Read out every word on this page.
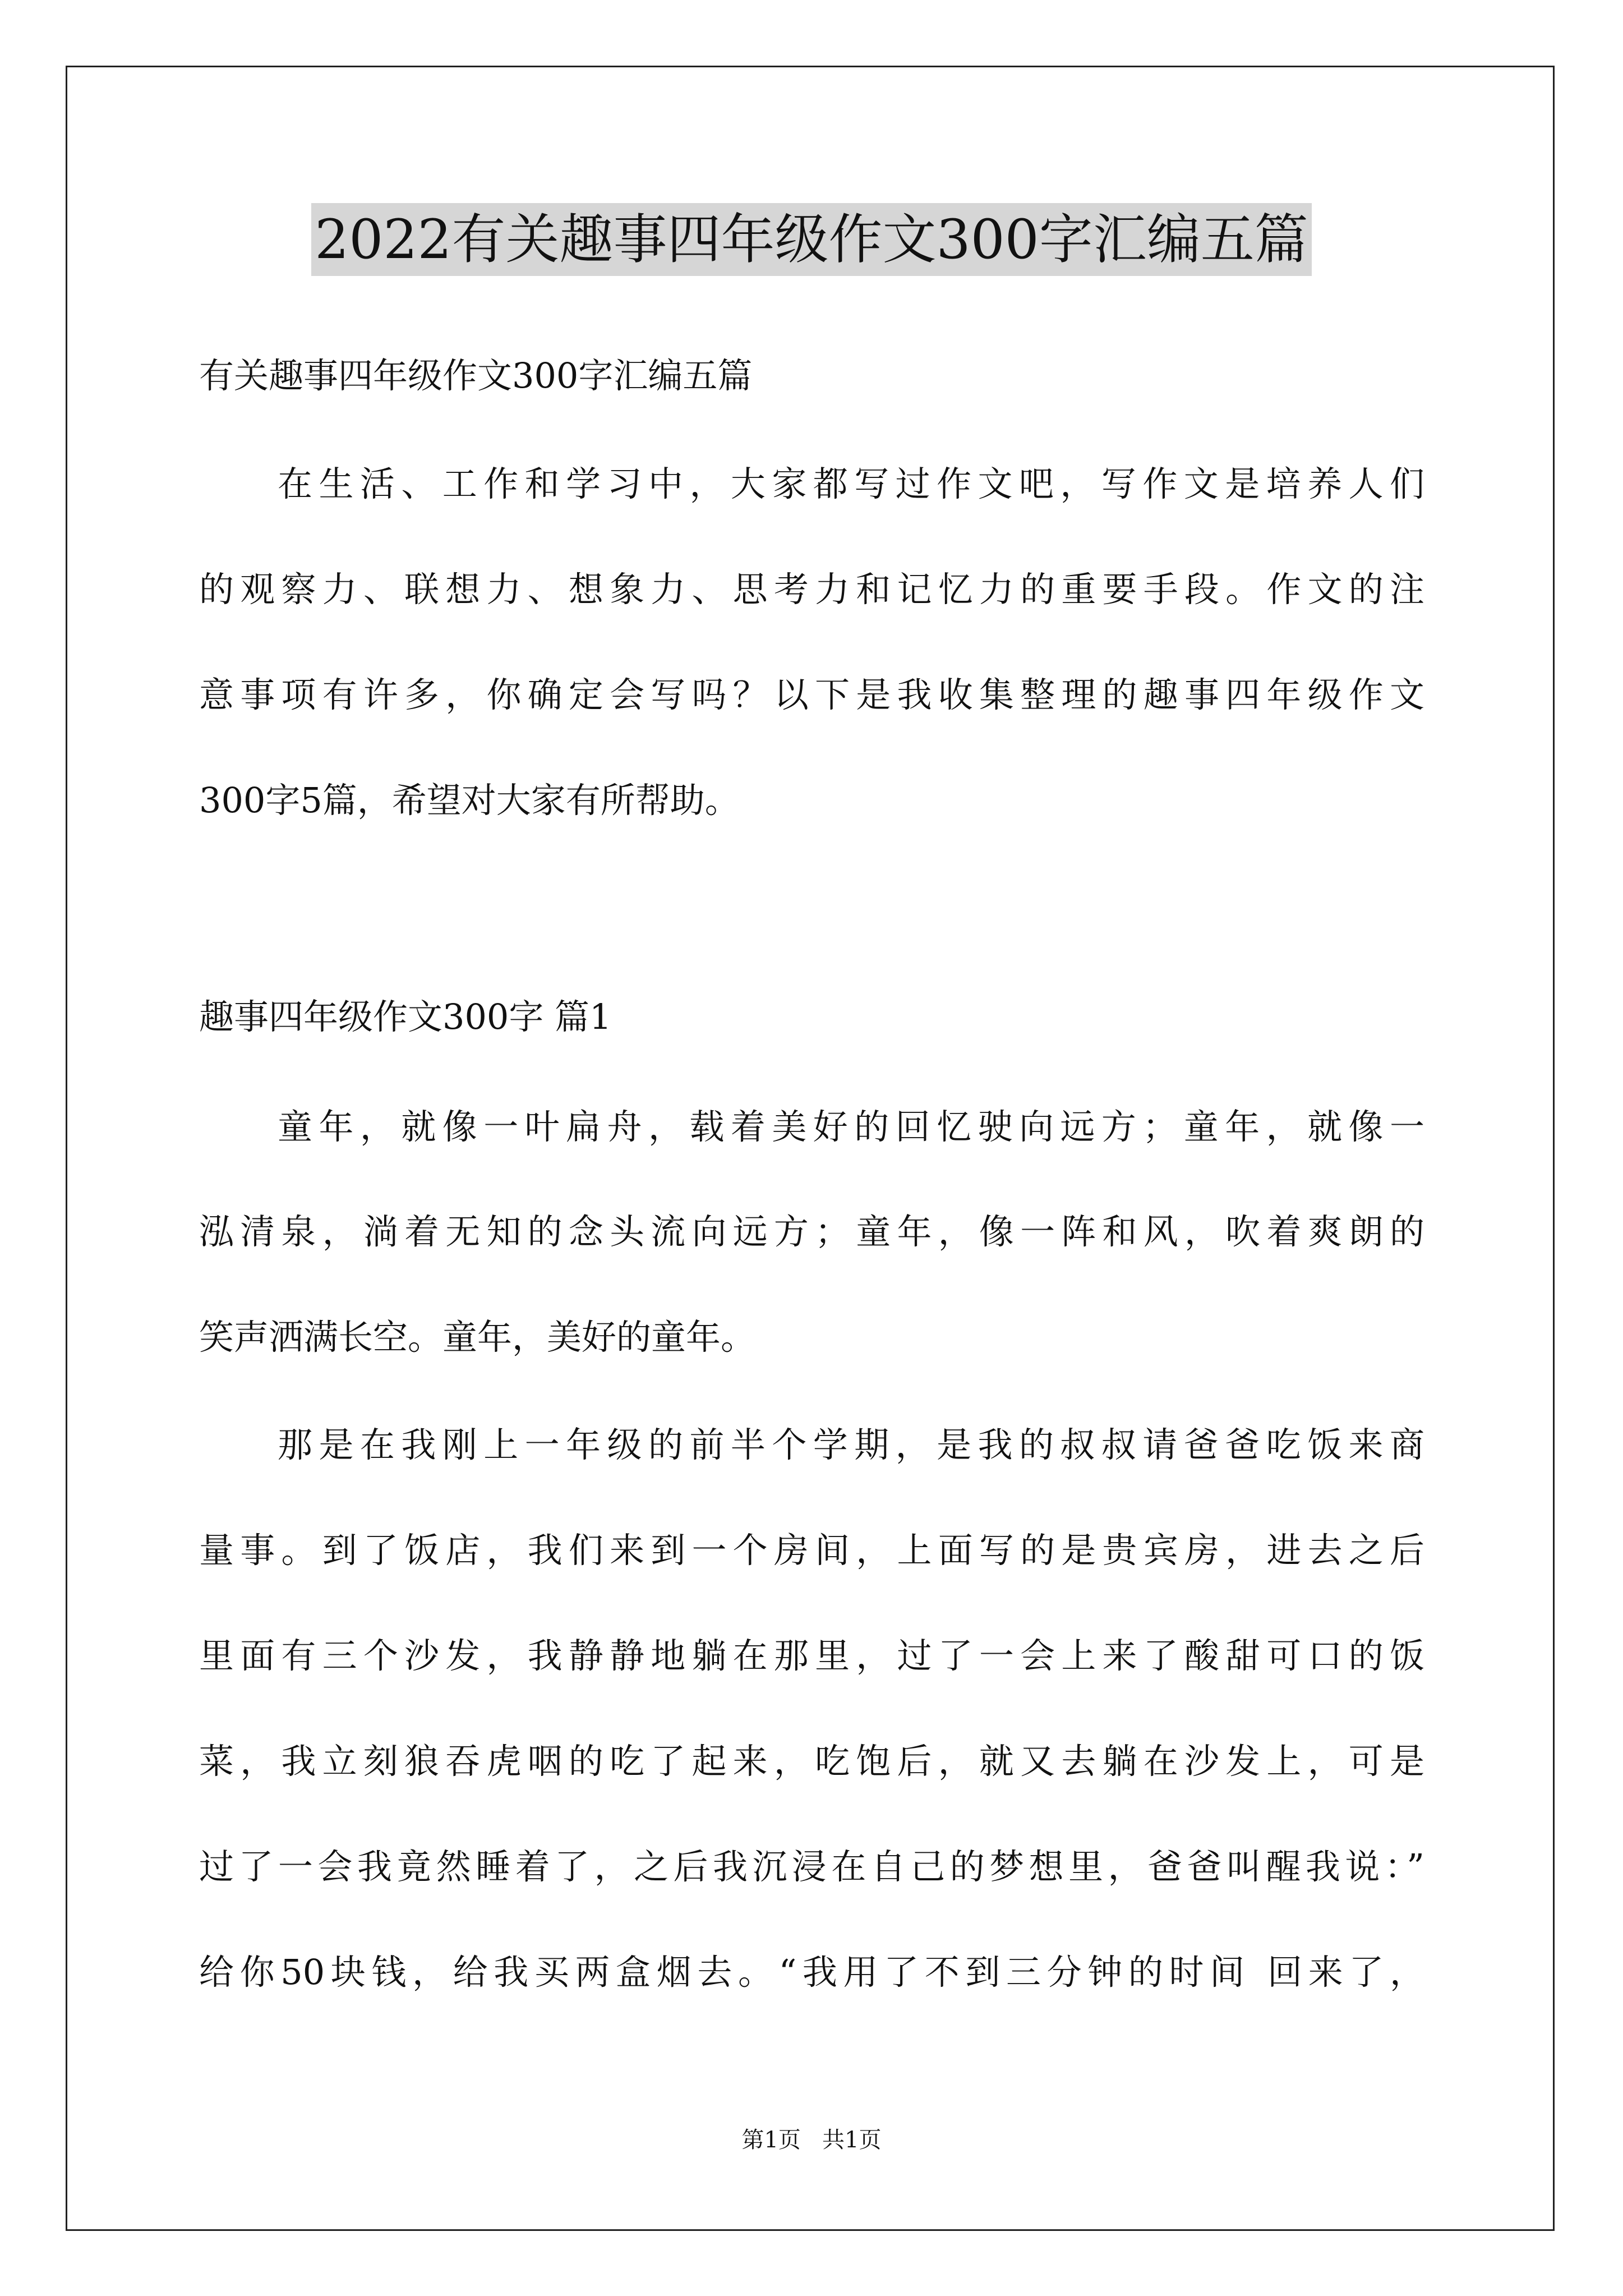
2022有关趣事四年级作文300字汇编五篇
有关趣事四年级作文300字汇编五篇
在生活、工作和学习中，大家都写过作文吧，写作文是培养人们
的观察力、联想力、想象力、思考力和记忆力的重要手段。作文的注
意事项有许多，你确定会写吗？以下是我收集整理的趣事四年级作文
300字5篇，希望对大家有所帮助。
趣事四年级作文300字 篇1
童年，就像一叶扁舟，载着美好的回忆驶向远方；童年，就像一
泓清泉，淌着无知的念头流向远方；童年，像一阵和风，吹着爽朗的
笑声洒满长空。童年，美好的童年。
那是在我刚上一年级的前半个学期，是我的叔叔请爸爸吃饭来商
量事。到了饭店，我们来到一个房间，上面写的是贵宾房，进去之后
里面有三个沙发，我静静地躺在那里，过了一会上来了酸甜可口的饭
菜，我立刻狼吞虎咽的吃了起来，吃饱后，就又去躺在沙发上，可是
过了一会我竟然睡着了，之后我沉浸在自己的梦想里，爸爸叫醒我说：”
给你50块钱，给我买两盒烟去。“我用了不到三分钟的时间 回来了，
第1页   共1页
